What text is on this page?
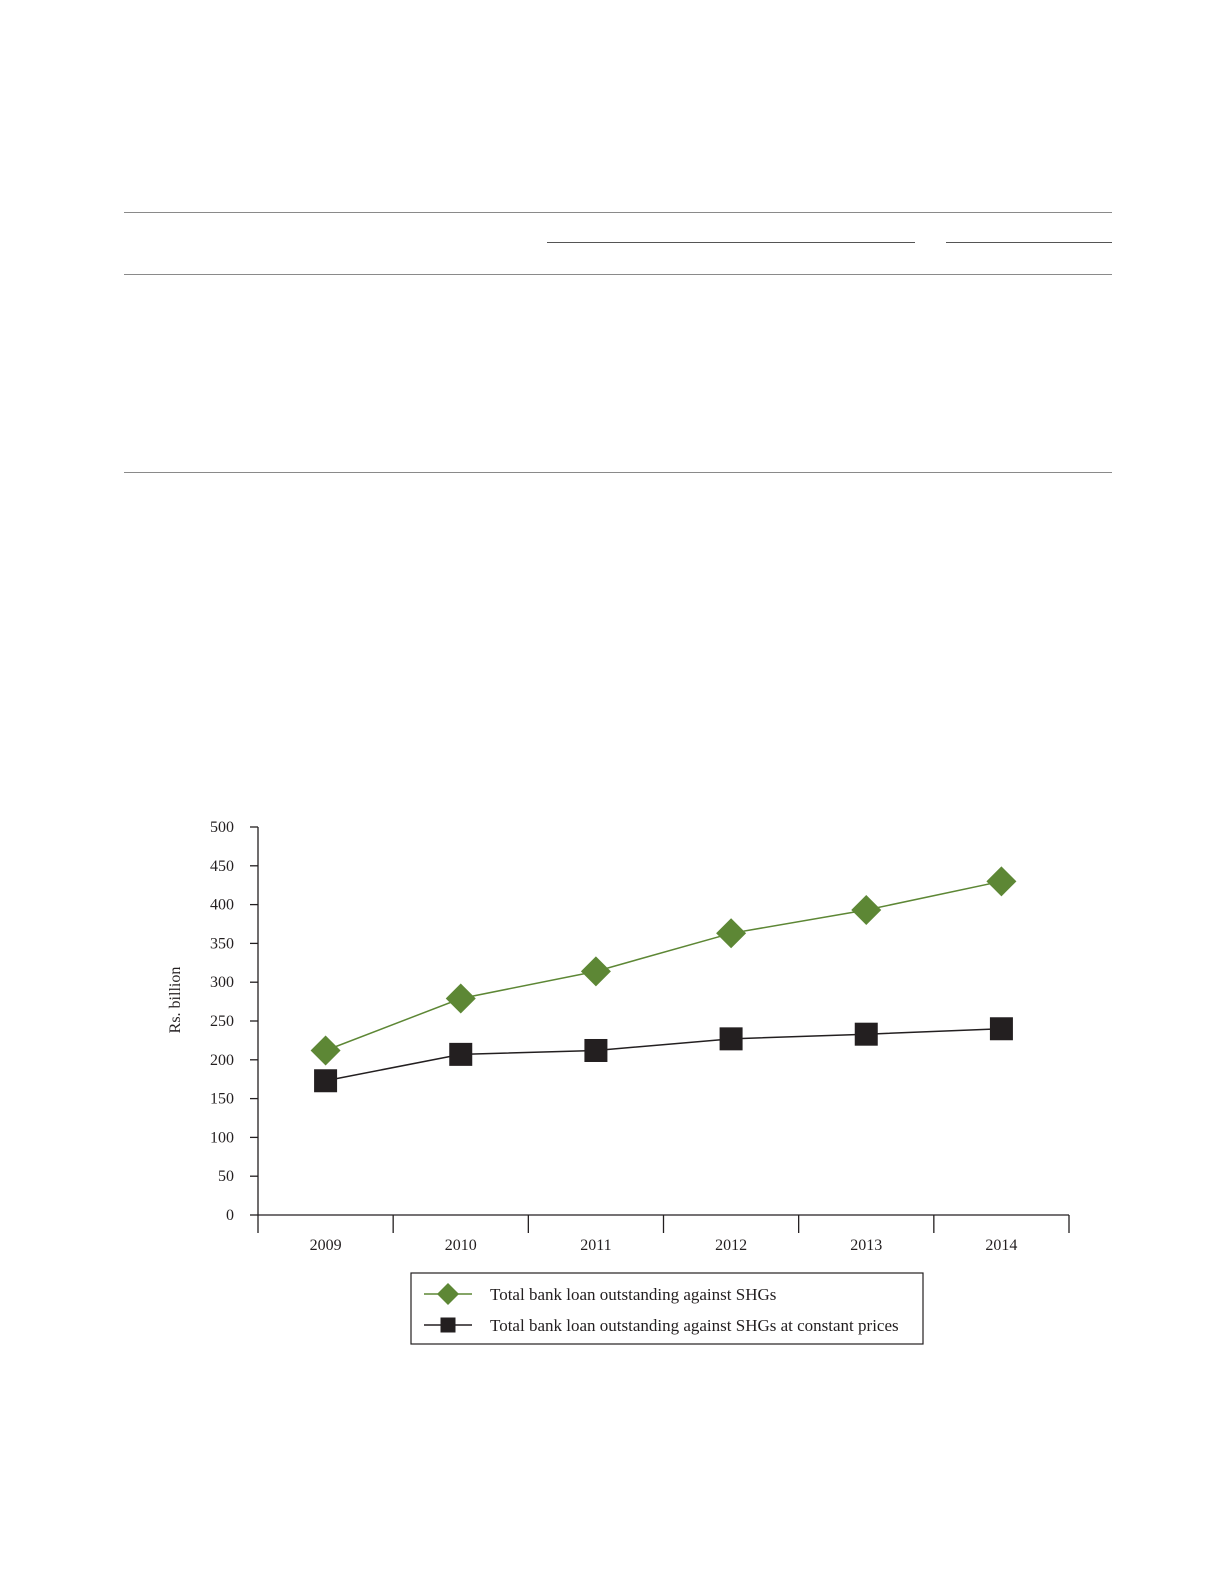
0
50
100
150
200
250
300
350
400
450
500
2009	2010	2011	2012	2013	2014
Rs. billion
Total bank loan outstanding against SHGs
Total bank loan outstanding against SHGs at constant prices
